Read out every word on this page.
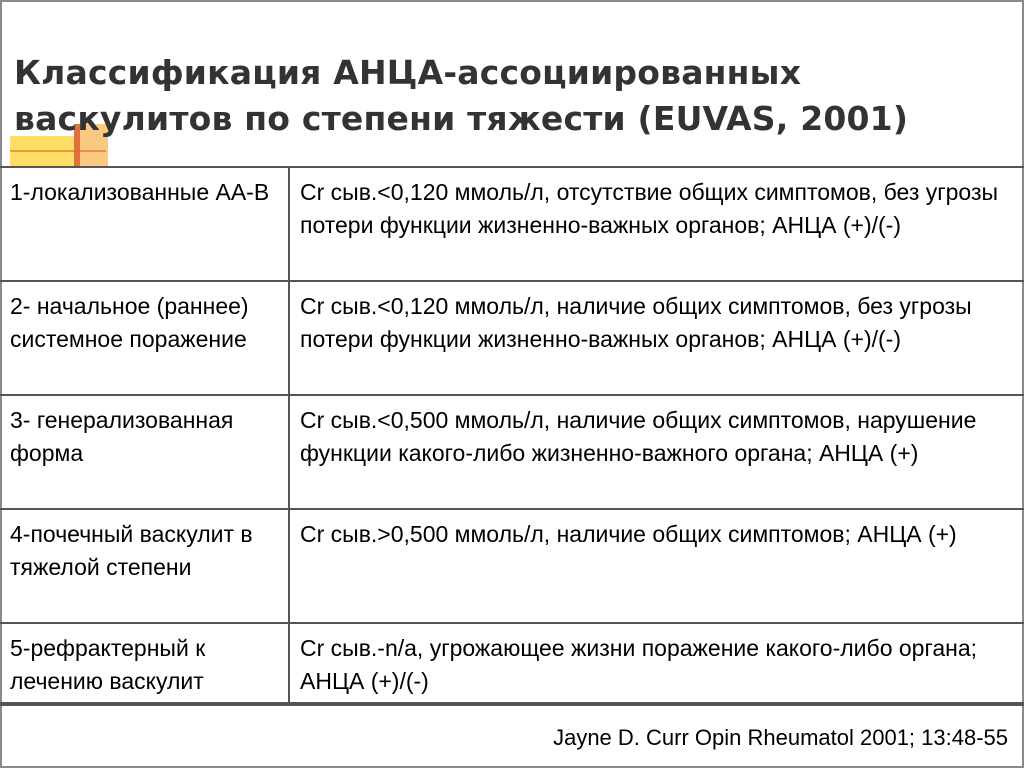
Классификация АНЦА-ассоциированных
васкулитов по степени тяжести (EUVAS, 2001)
1-локализованные АА-В	Cr сыв.<0,120 ммоль/л, отсутствие общих симптомов, без угрозы потери функции жизненно-важных органов; АНЦА (+)/(-)
2- начальное (раннее) системное поражение	Cr сыв.<0,120 ммоль/л, наличие общих симптомов, без угрозы потери функции жизненно-важных органов; АНЦА (+)/(-)
3- генерализованная форма	Cr сыв.<0,500 ммоль/л, наличие общих симптомов, нарушение функции какого-либо жизненно-важного органа; АНЦА (+)
4-почечный васкулит в тяжелой степени	Cr сыв.>0,500 ммоль/л, наличие общих симптомов; АНЦА (+)
5-рефрактерный к лечению васкулит	Cr сыв.-n/a, угрожающее жизни поражение какого-либо органа; АНЦА (+)/(-)
Jayne D. Curr Opin Rheumatol 2001; 13:48-55
